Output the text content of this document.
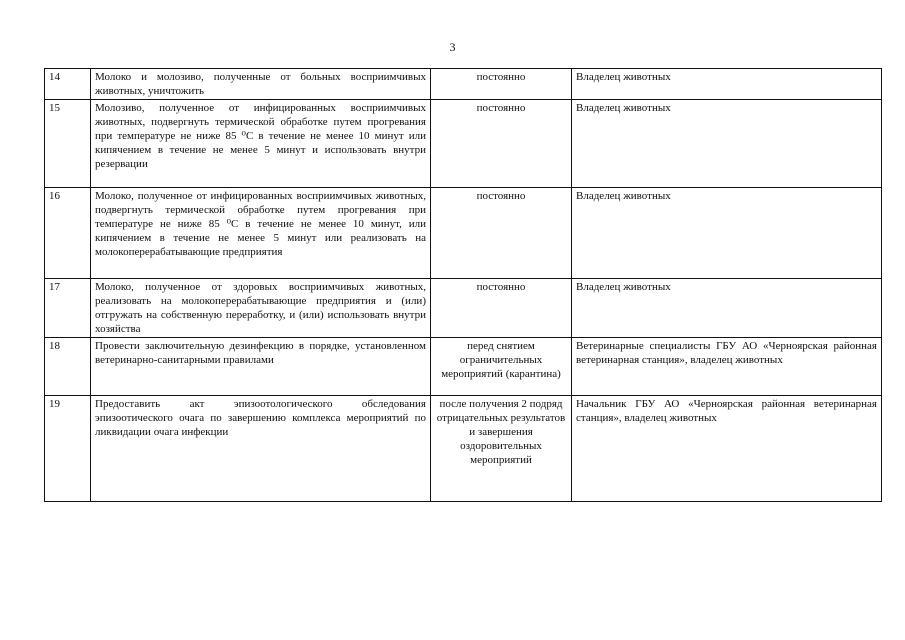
3
14	Молоко и молозиво, полученные от больных восприимчивых животных, уничтожить	постоянно	Владелец животных
15	Молозиво, полученное от инфицированных восприимчивых животных, подвергнуть термической обработке путем прогревания при температуре не ниже 85 ⁰С в течение не менее 10 минут или кипячением в течение не менее 5 минут и использовать внутри резервации	постоянно	Владелец животных
16	Молоко, полученное от инфицированных восприимчивых животных, подвергнуть термической обработке путем прогревания при температуре не ниже 85 ⁰С в течение не менее 10 минут, или кипячением в течение не менее 5 минут или реализовать на молокоперерабатывающие предприятия	постоянно	Владелец животных
17	Молоко, полученное от здоровых восприимчивых животных, реализовать на молокоперерабатывающие предприятия и (или) отгружать на собственную переработку, и (или) использовать внутри хозяйства	постоянно	Владелец животных
18	Провести заключительную дезинфекцию в порядке, установленном ветеринарно-санитарными правилами	перед снятием ограничительных мероприятий (карантина)	Ветеринарные специалисты ГБУ АО «Черноярская районная ветеринарная станция», владелец животных
19	Предоставить акт эпизоотологического обследования эпизоотического очага по завершению комплекса мероприятий по ликвидации очага инфекции	после получения 2 подряд отрицательных результатов и завершения оздоровительных мероприятий	Начальник ГБУ АО «Черноярская районная ветеринарная станция», владелец животных
